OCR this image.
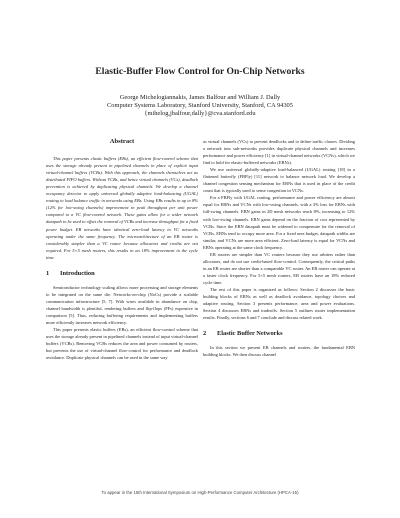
Elastic-Buffer Flow Control for On-Chip Networks
George Michelogiannakis, James Balfour and William J. Dally
Computer Systems Laboratory, Stanford University, Stanford, CA 94305
{mihelog,jbalfour,dally}@cva.stanford.edu
Abstract

This paper presents elastic buffers (EBs), an efficient flow-control scheme that uses the storage already present in pipelined channels in place of explicit input virtual-channel buffers (VCBs). With this approach, the channels themselves act as distributed FIFO buffers. Without VCBs, and hence virtual channels (VCs), deadlock prevention is achieved by duplicating physical channels. We develop a channel occupancy detector to apply universal globally adaptive load-balancing (UGAL) routing to load balance traffic in networks using EBs. Using EBs results in up to 8% (12% for low-swing channels) improvement in peak throughput per unit power compared to a VC flow-control network. These gains allow for a wider network datapath to be used to offset the removal of VCBs and increase throughput for a fixed power budget. EB networks have identical zero-load latency to VC networks operating under the same frequency. The microarchitecture of an EB router is considerably simpler than a VC router because allocators and credits are not required. For 5×5 mesh routers, this results in an 18% improvement in the cycle time.

1 Introduction

Semiconductor technology scaling allows more processing and storage elements to be integrated on the same die. Networks-on-chip (NoCs) provide a scalable communication infrastructure [5, 7]. With wires available in abundance on chip, channel bandwidth is plentiful, rendering buffers and flip-flops (FFs) expensive in comparison [5]. Thus, reducing buffering requirements and implementing buffers more efficiently increases network efficiency.

This paper presents elastic buffers (EBs), an efficient flow-control scheme that uses the storage already present in pipelined channels instead of input virtual-channel buffers (VCBs). Removing VCBs reduces the area and power consumed by routers, but prevents the use of virtual-channel flow-control for performance and deadlock avoidance. Duplicate physical channels can be used in the same way

as virtual channels (VCs) to prevent deadlocks and to define traffic classes. Dividing a network into sub-networks provides duplicate physical channels and increases performance and power efficiency [1] in virtual-channel networks (VCNs), which we find to hold for elastic-buffered networks (EBNs).

We use universal globally-adaptive load-balanced (UGAL) routing [18] in a flattened butterfly (FBFly) [11] network to balance network load. We develop a channel congestion sensing mechanism for EBNs that is used in place of the credit count that is typically used to sense congestion in VCNs.

For a FBFly with UGAL routing, performance and power efficiency are almost equal for EBNs and VCNs with low-swing channels, with a 3% loss for EBNs with full-swing channels. EBN gains in 2D mesh networks reach 8%, increasing to 12% with low-swing channels. EBN gains depend on the fraction of cost represented by VCBs. Since the EBN datapath must be widened to compensate for the removal of VCBs, EBNs tend to occupy more area. For a fixed area budget, datapath widths are similar, and VCNs are more area efficient. Zero-load latency is equal for VCNs and EBNs operating at the same clock frequency.

EB routers are simpler than VC routers because they use arbiters rather than allocators, and do not use credit-based flow-control. Consequently, the critical paths in an EB router are shorter than a comparable VC router. An EB router can operate at a faster clock frequency. For 5×5 mesh routers, EB routers have an 18% reduced cycle time.

The rest of this paper is organized as follows: Section 2 discusses the basic building blocks of EBNs as well as deadlock avoidance, topology choices and adaptive routing. Section 3 presents performance, area and power evaluations. Section 4 discusses EBNs and tradeoffs. Section 5 outlines router implementation results. Finally, sections 6 and 7 conclude and discuss related work.

2 Elastic Buffer Networks

In this section we present EB channels and routers, the fundamental EBN building blocks. We then discuss channel

To appear in the 15th International Symposium on High-Performance Computer Architecture (HPCA-15)
